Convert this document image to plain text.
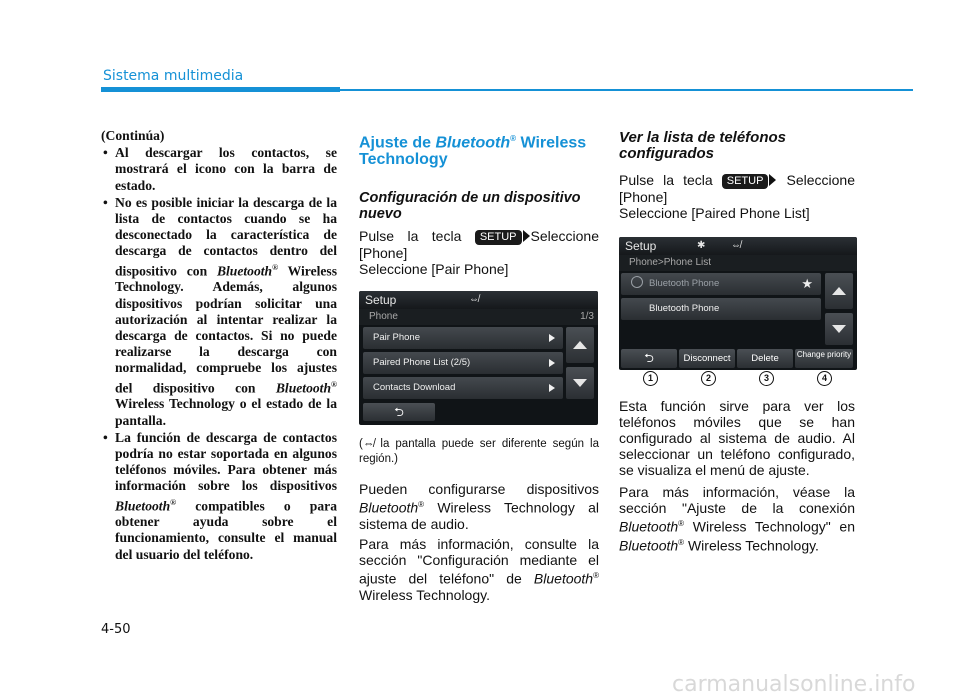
Sistema multimedia

(Continúa)

• Al descargar los contactos, se mostrará el icono con la barra de estado.
• No es posible iniciar la descarga de la lista de contactos cuando se ha desconectado la característica de descarga de contactos dentro del dispositivo con Bluetooth® Wireless Technology. Además, algunos dispositivos podrían solicitar una autorización al intentar realizar la descarga de contactos. Si no puede realizarse la descarga con normalidad, compruebe los ajustes del dispositivo con Bluetooth® Wireless Technology o el estado de la pantalla.
• La función de descarga de contactos podría no estar soportada en algunos teléfonos móviles. Para obtener más información sobre los dispositivos Bluetooth® compatibles o para obtener ayuda sobre el funcionamiento, consulte el manual del usuario del teléfono.

Ajuste de Bluetooth® Wireless Technology

Configuración de un dispositivo nuevo

Pulse la tecla SETUP Seleccione [Phone]

Seleccione [Pair Phone]

Setup	⇎
Phone	1/3
Pair Phone
Paired Phone List (2/5)
Contacts Download
⮌

(⇎ la pantalla puede ser diferente según la región.)

Pueden configurarse dispositivos Bluetooth® Wireless Technology al sistema de audio.

Para más información, consulte la sección "Configuración mediante el ajuste del teléfono" de Bluetooth® Wireless Technology.

Ver la lista de teléfonos configurados

Pulse la tecla SETUP Seleccione [Phone]

Seleccione [Paired Phone List]

Setup	✱	⇎
Phone>Phone List
Bluetooth Phone	★
Bluetooth Phone
⮌	Disconnect	Delete	Change priority
1	2	3	4

Esta función sirve para ver los teléfonos móviles que se han configurado al sistema de audio. Al seleccionar un teléfono configurado, se visualiza el menú de ajuste.

Para más información, véase la sección "Ajuste de la conexión Bluetooth® Wireless Technology" en Bluetooth® Wireless Technology.

4-50
carmanualsonline.info
